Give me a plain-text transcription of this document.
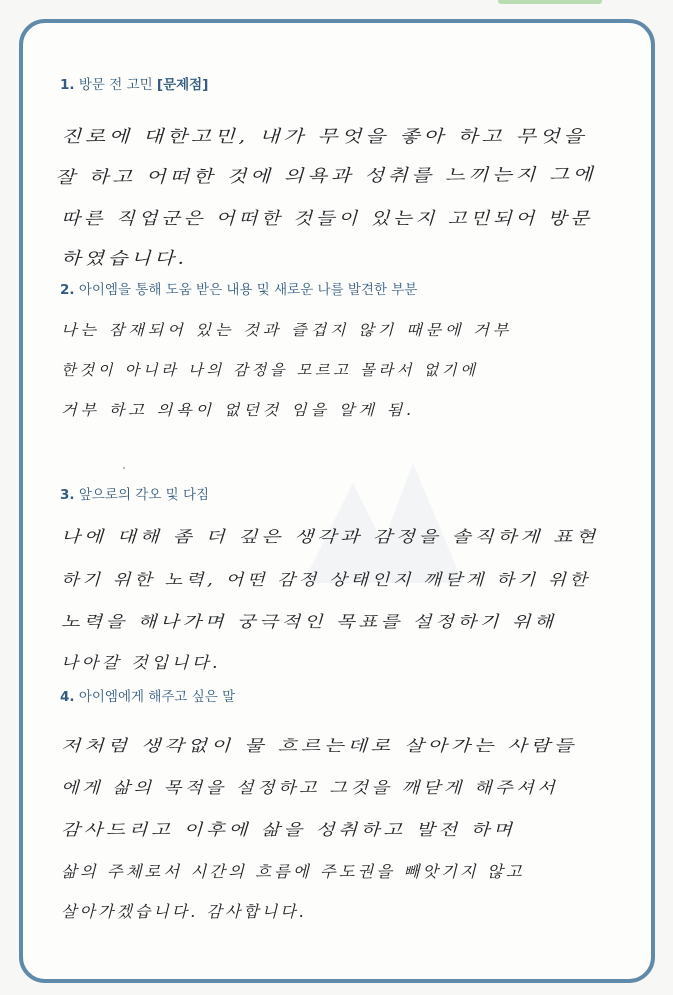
1. 방문 전 고민 [문제점]
진로에 대한고민, 내가 무엇을 좋아 하고 무엇을
잘 하고 어떠한 것에 의욕과 성취를 느끼는지 그에
따른 직업군은 어떠한 것들이 있는지 고민되어 방문
하였습니다.
2. 아이엠을 통해 도움 받은 내용 및 새로운 나를 발견한 부분
나는 잠재되어 있는 것과 즐겁지 않기 때문에 거부
한것이 아니라 나의 감정을 모르고 몰라서 없기에
거부 하고 의욕이 없던것 임을 알게 됨.
3. 앞으로의 각오 및 다짐
나에 대해 좀 더 깊은 생각과 감정을 솔직하게 표현
하기 위한 노력, 어떤 감정 상태인지 깨닫게 하기 위한
노력을 해나가며 궁극적인 목표를 설정하기 위해
나아갈 것입니다.
4. 아이엠에게 해주고 싶은 말
저처럼 생각없이 물 흐르는데로 살아가는 사람들
에게 삶의 목적을 설정하고 그것을 깨닫게 해주셔서
감사드리고 이후에 삶을 성취하고 발전 하며
삶의 주체로서 시간의 흐름에 주도권을 빼앗기지 않고
살아가겠습니다. 감사합니다.
